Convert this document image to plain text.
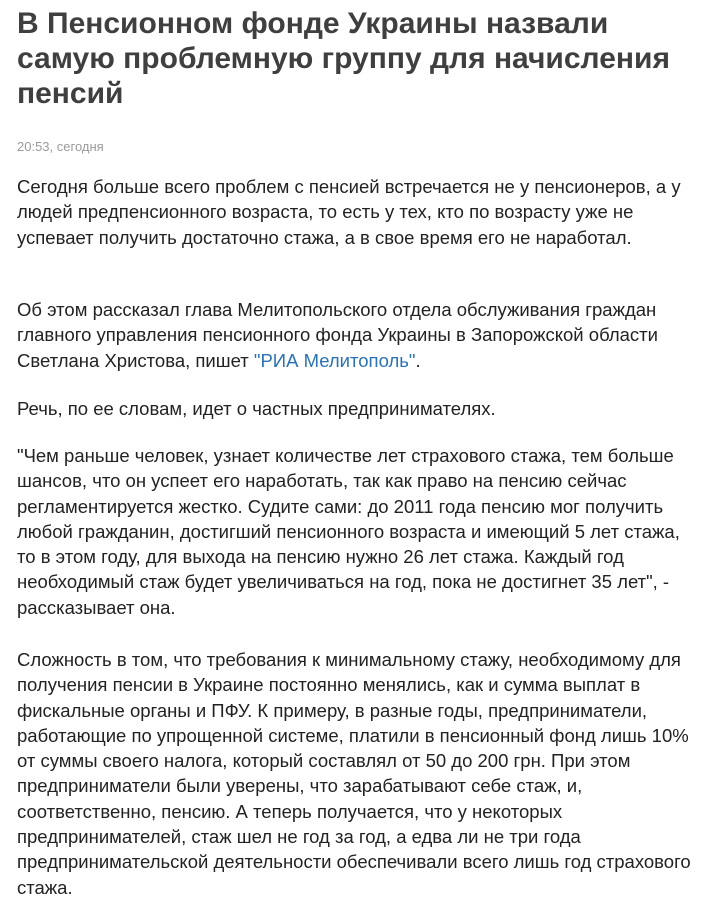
В Пенсионном фонде Украины назвали самую проблемную группу для начисления пенсий
20:53, сегодня

Сегодня больше всего проблем с пенсией встречается не у пенсионеров, а у людей предпенсионного возраста, то есть у тех, кто по возрасту уже не успевает получить достаточно стажа, а в свое время его не наработал.

Об этом рассказал глава Мелитопольского отдела обслуживания граждан главного управления пенсионного фонда Украины в Запорожской области Светлана Христова, пишет "РИА Мелитополь".

Речь, по ее словам, идет о частных предпринимателях.

"Чем раньше человек, узнает количестве лет страхового стажа, тем больше шансов, что он успеет его наработать, так как право на пенсию сейчас регламентируется жестко. Судите сами: до 2011 года пенсию мог получить любой гражданин, достигший пенсионного возраста и имеющий 5 лет стажа, то в этом году, для выхода на пенсию нужно 26 лет стажа. Каждый год необходимый стаж будет увеличиваться на год, пока не достигнет 35 лет", - рассказывает она.

Сложность в том, что требования к минимальному стажу, необходимому для получения пенсии в Украине постоянно менялись, как и сумма выплат в фискальные органы и ПФУ. К примеру, в разные годы, предприниматели, работающие по упрощенной системе, платили в пенсионный фонд лишь 10% от суммы своего налога, который составлял от 50 до 200 грн. При этом предприниматели были уверены, что зарабатывают себе стаж, и, соответственно, пенсию. А теперь получается, что у некоторых предпринимателей, стаж шел не год за год, а едва ли не три года предпринимательской деятельности обеспечивали всего лишь год страхового стажа.
